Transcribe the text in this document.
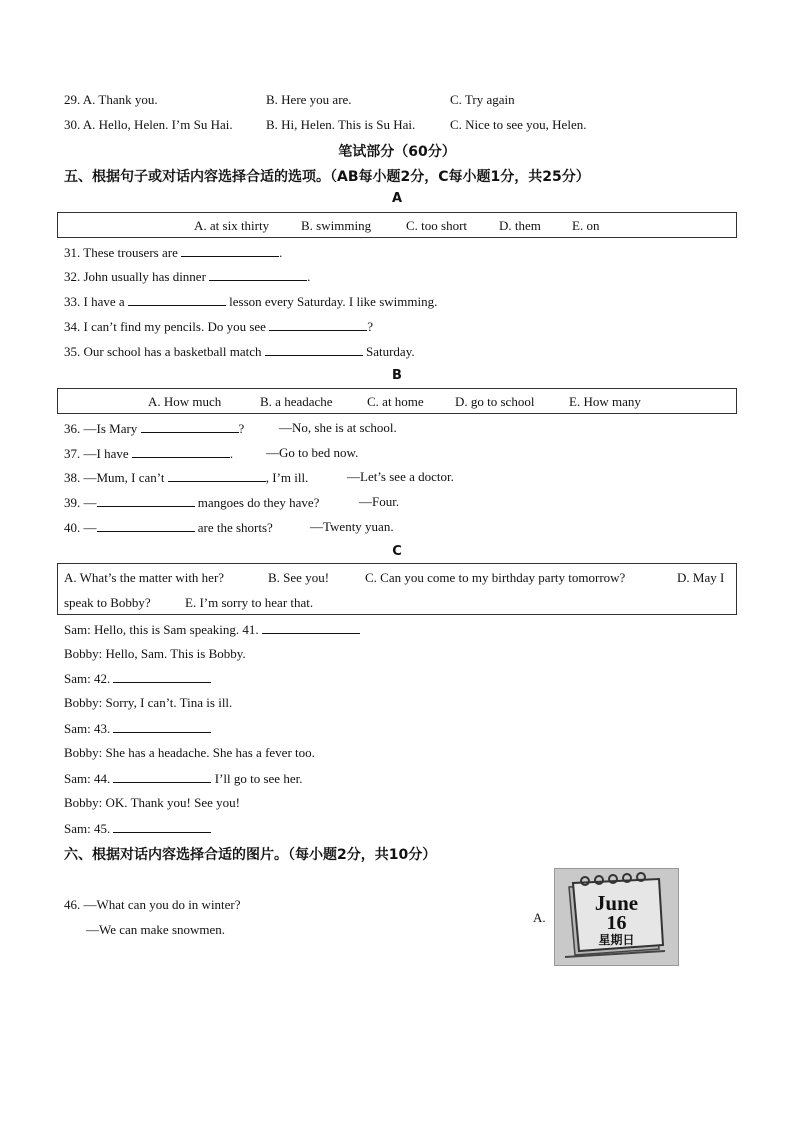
29. A. Thank you.	B. Here you are.	C. Try again
30. A. Hello, Helen. I’m Su Hai.	B. Hi, Helen. This is Su Hai.	C. Nice to see you, Helen.
笔试部分（60分）
五、根据句子或对话内容选择合适的选项。（AB每小题2分，C每小题1分，共25分）
A
A. at six thirty B. swimming	C. too short D. them E. on
31. These trousers are	.
32. John usually has dinner	.
33. I have a	lesson every Saturday. I like swimming.
34. I can’t find my pencils. Do you see	?
35. Our school has a basketball match	Saturday.
B
A. How much	B. a headache	C. at home D. go to school	E. How many
36. —Is Mary	?	—No, she is at school.
37. —I have	.	—Go to bed now.
38. —Mum, I can’t	, I’m ill.	—Let’s see a doctor.
39. —	mangoes do they have?	—Four.
40. —	are the shorts?	—Twenty yuan.
C
A. What’s the matter with her?	B. See you!	C. Can you come to my birthday party tomorrow?	D. May I
speak to Bobby?	E. I’m sorry to hear that.
Sam: Hello, this is Sam speaking. 41.
Bobby: Hello, Sam. This is Bobby.
Sam: 42.
Bobby: Sorry, I can’t. Tina is ill.
Sam: 43.
Bobby: She has a headache. She has a fever too.
Sam: 44.	I’ll go to see her.
Bobby: OK. Thank you! See you!
Sam: 45.
六、根据对话内容选择合适的图片。（每小题2分，共10分）
46. —What can you do in winter?
—We can make snowmen.
A.
June
16
星期日
